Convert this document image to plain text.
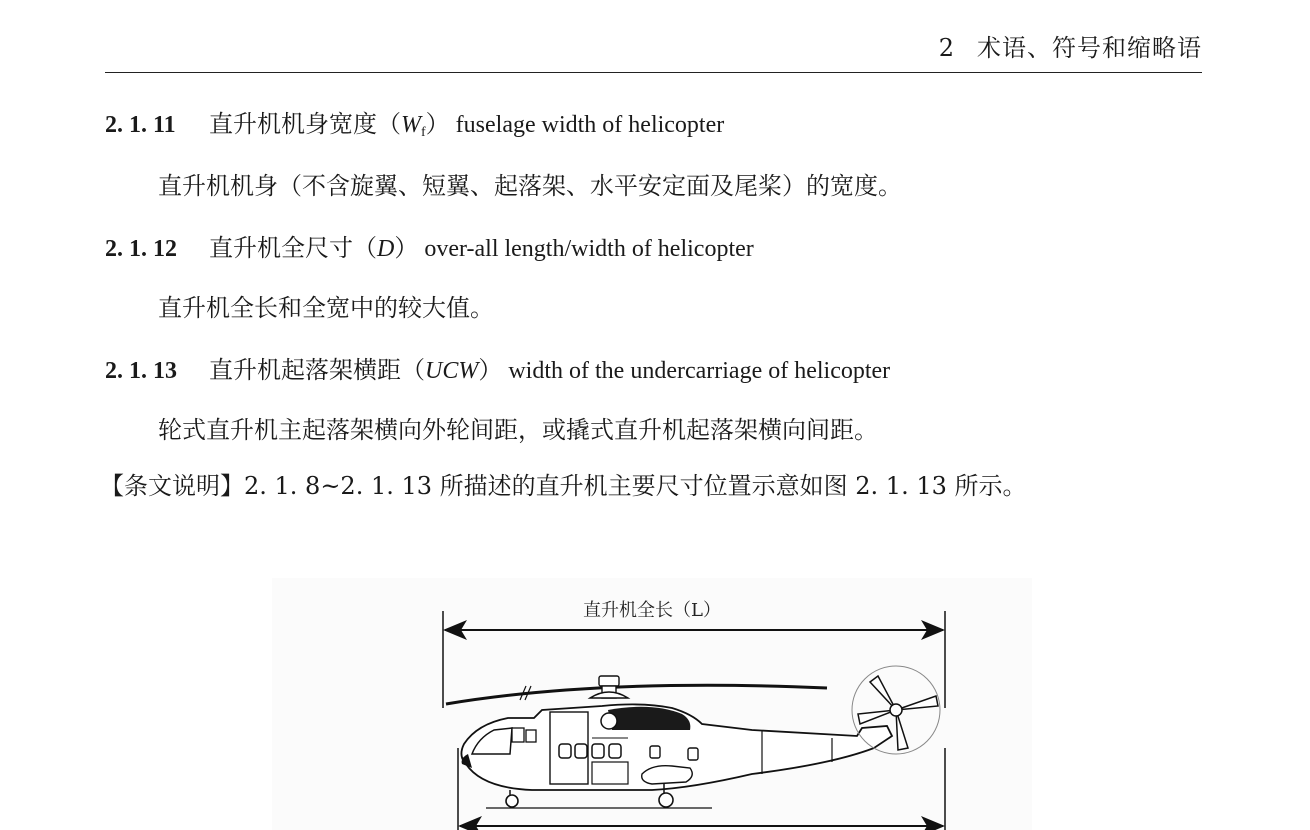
2 术语、符号和缩略语
2. 1. 11 直升机机身宽度（Wf） fuselage width of helicopter
直升机机身（不含旋翼、短翼、起落架、水平安定面及尾桨）的宽度。
2. 1. 12 直升机全尺寸（D） over-all length/width of helicopter
直升机全长和全宽中的较大值。
2. 1. 13 直升机起落架横距（UCW） width of the undercarriage of helicopter
轮式直升机主起落架横向外轮间距，或撬式直升机起落架横向间距。
【条文说明】2. 1. 8~2. 1. 13 所描述的直升机主要尺寸位置示意如图 2. 1. 13 所示。
直升机全长（L）
